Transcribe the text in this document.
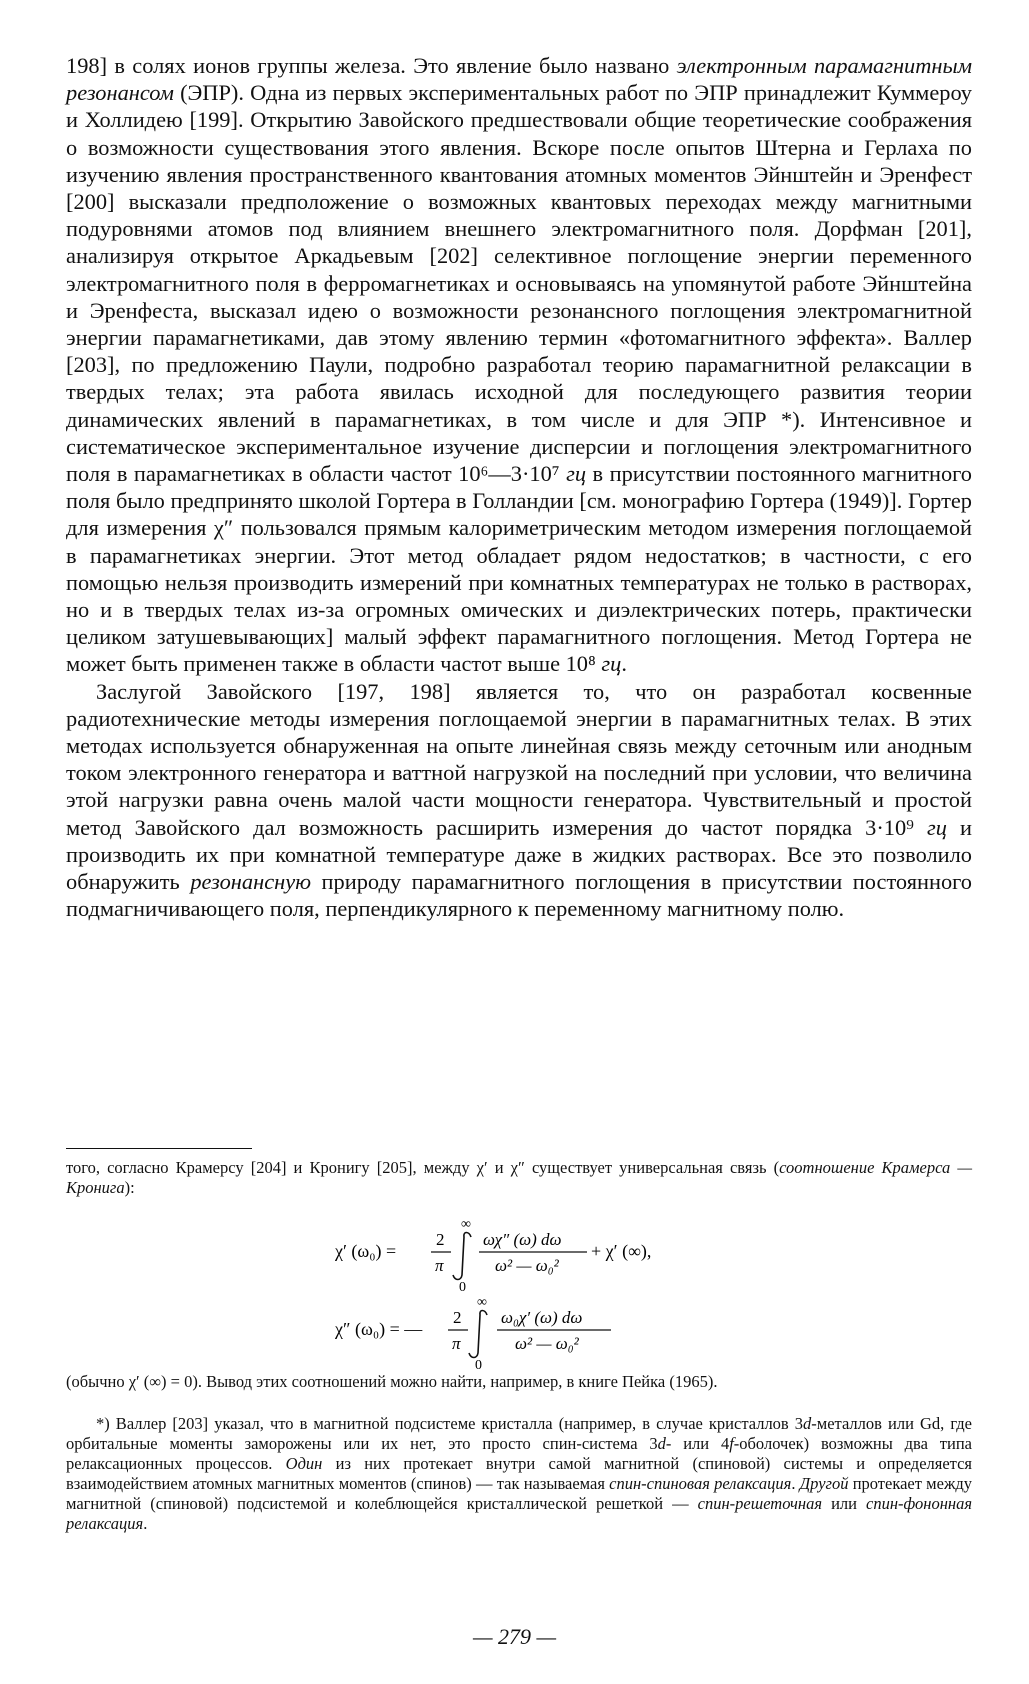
198] в солях ионов группы железа. Это явление было названо электронным парамагнитным резонансом (ЭПР). Одна из первых экспериментальных работ по ЭПР принадлежит Куммероу и Холлидею [199]. Открытию Завойского предшествовали общие теоретические соображения о возможности существования этого явления. Вскоре после опытов Штерна и Герлаха по изучению явления пространственного квантования атомных моментов Эйнштейн и Эренфест [200] высказали предположение о возможных квантовых переходах между магнитными подуровнями атомов под влиянием внешнего электромагнитного поля. Дорфман [201], анализируя открытое Аркадьевым [202] селективное поглощение энергии переменного электромагнитного поля в ферромагнетиках и основываясь на упомянутой работе Эйнштейна и Эренфеста, высказал идею о возможности резонансного поглощения электромагнитной энергии парамагнетиками, дав этому явлению термин «фотомагнитного эффекта». Валлер [203], по предложению Паули, подробно разработал теорию парамагнитной релаксации в твердых телах; эта работа явилась исходной для последующего развития теории динамических явлений в парамагнетиках, в том числе и для ЭПР *). Интенсивное и систематическое экспериментальное изучение дисперсии и поглощения электромагнитного поля в парамагнетиках в области частот 10⁶—3·10⁷ гц в присутствии постоянного магнитного поля было предпринято школой Гортера в Голландии [см. монографию Гортера (1949)]. Гортер для измерения χ″ пользовался прямым калориметрическим методом измерения поглощаемой в парамагнетиках энергии. Этот метод обладает рядом недостатков; в частности, с его помощью нельзя производить измерений при комнатных температурах не только в растворах, но и в твердых телах из-за огромных омических и диэлектрических потерь, практически целиком затушевывающих] малый эффект парамагнитного поглощения. Метод Гортера не может быть применен также в области частот выше 10⁸ гц.

Заслугой Завойского [197, 198] является то, что он разработал косвенные радиотехнические методы измерения поглощаемой энергии в парамагнитных телах. В этих методах используется обнаруженная на опыте линейная связь между сеточным или анодным током электронного генератора и ваттной нагрузкой на последний при условии, что величина этой нагрузки равна очень малой части мощности генератора. Чувствительный и простой метод Завойского дал возможность расширить измерения до частот порядка 3·10⁹ гц и производить их при комнатной температуре даже в жидких растворах. Все это позволило обнаружить резонансную природу парамагнитного поглощения в присутствии постоянного подмагничивающего поля, перпендикулярного к переменному магнитному полю.

того, согласно Крамерсу [204] и Кронигу [205], между χ′ и χ″ существует универсальная связь (соотношение Крамерса — Кронига):

χ′ (ω₀) =
2
π
∞
0
ωχ″ (ω) dω
ω² — ω₀²
+ χ′ (∞),
χ″ (ω₀) = —
2
π
∞
0
ω₀χ′ (ω) dω
ω² — ω₀²

(обычно χ′ (∞) = 0). Вывод этих соотношений можно найти, например, в книге Пейка (1965).

*) Валлер [203] указал, что в магнитной подсистеме кристалла (например, в случае кристаллов 3d-металлов или Gd, где орбитальные моменты заморожены или их нет, это просто спин-система 3d- или 4f-оболочек) возможны два типа релаксационных процессов. Один из них протекает внутри самой магнитной (спиновой) системы и определяется взаимодействием атомных магнитных моментов (спинов) — так называемая спин-спиновая релаксация. Другой протекает между магнитной (спиновой) подсистемой и колеблющейся кристаллической решеткой — спин-решеточная или спин-фононная релаксация.

— 279 —
